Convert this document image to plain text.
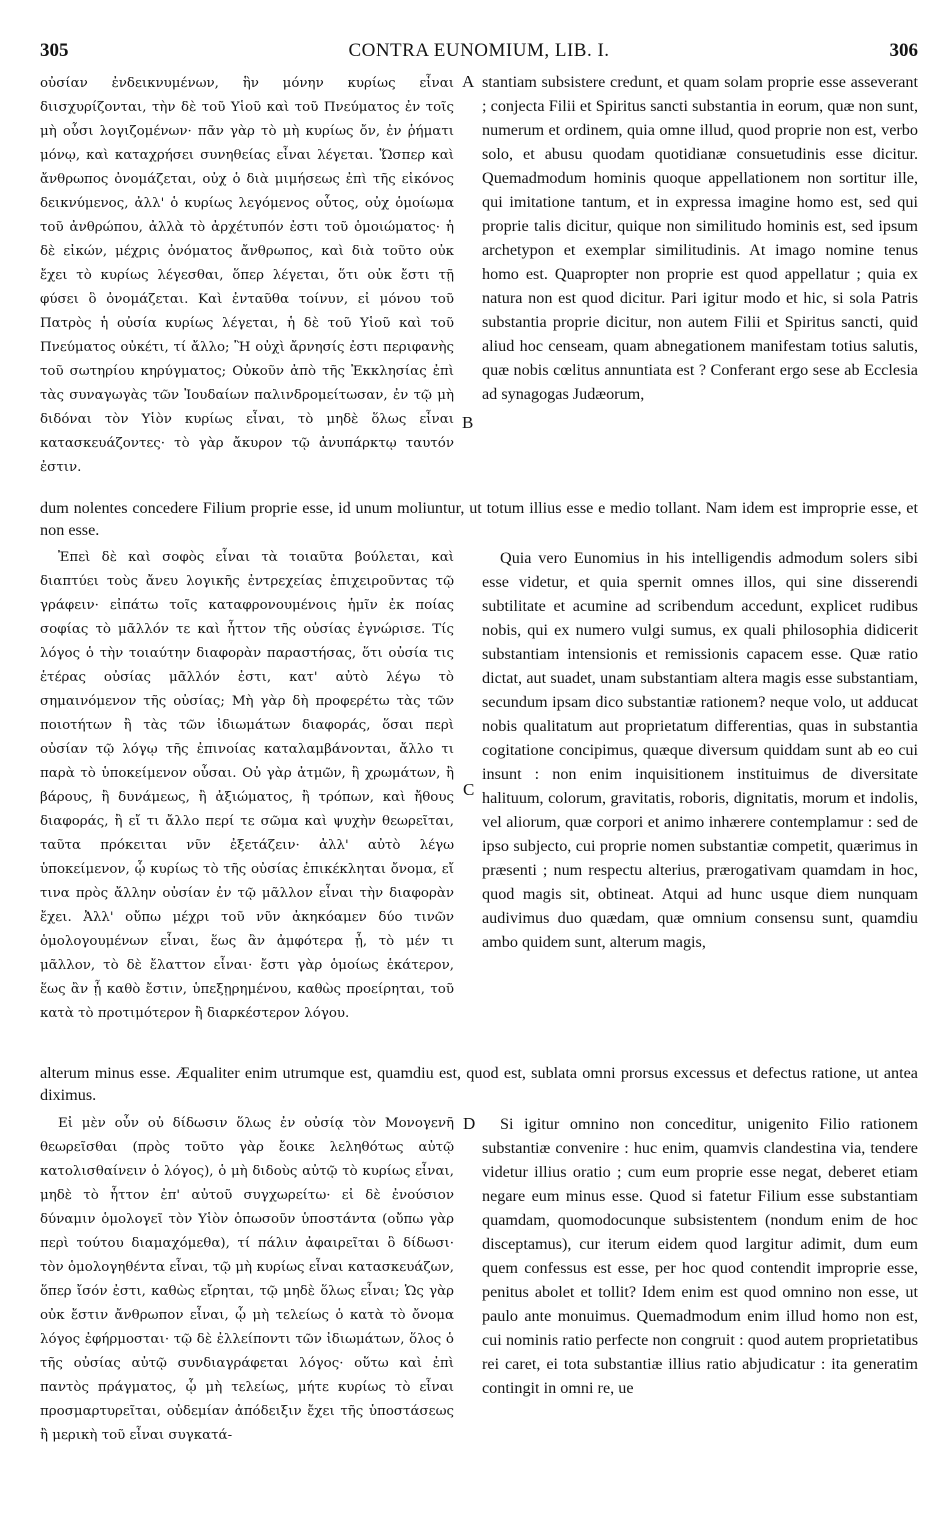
305	CONTRA EUNOMIUM, LIB. I.	306

οὐσίαν ἐνδεικνυμένων, ἣν μόνην κυρίως εἶναι διισχυρίζονται, τὴν δὲ τοῦ Υἱοῦ καὶ τοῦ Πνεύματος ἐν τοῖς μὴ οὖσι λογιζομένων· πᾶν γὰρ τὸ μὴ κυρίως ὄν, ἐν ῥήματι μόνῳ, καὶ καταχρήσει συνηθείας εἶναι λέγεται. Ὥσπερ καὶ ἄνθρωπος ὀνομάζεται, οὐχ ὁ διὰ μιμήσεως ἐπὶ τῆς εἰκόνος δεικνύμενος, ἀλλ' ὁ κυρίως λεγόμενος οὗτος, οὐχ ὁμοίωμα τοῦ ἀνθρώπου, ἀλλὰ τὸ ἀρχέτυπόν ἐστι τοῦ ὁμοιώματος· ἡ δὲ εἰκών, μέχρις ὀνόματος ἄνθρωπος, καὶ διὰ τοῦτο οὐκ ἔχει τὸ κυρίως λέγεσθαι, ὅπερ λέγεται, ὅτι οὐκ ἔστι τῇ φύσει ὃ ὀνομάζεται. Καὶ ἐνταῦθα τοίνυν, εἰ μόνου τοῦ Πατρὸς ἡ οὐσία κυρίως λέγεται, ἡ δὲ τοῦ Υἱοῦ καὶ τοῦ Πνεύματος οὐκέτι, τί ἄλλο; Ἢ οὐχὶ ἄρνησίς ἐστι περιφανὴς τοῦ σωτηρίου κηρύγματος; Οὐκοῦν ἀπὸ τῆς Ἐκκλησίας ἐπὶ τὰς συναγωγὰς τῶν Ἰουδαίων παλινδρομείτωσαν, ἐν τῷ μὴ διδόναι τὸν Υἱὸν κυρίως εἶναι, τὸ μηδὲ ὅλως εἶναι κατασκευάζοντες· τὸ γὰρ ἄκυρον τῷ ἀνυπάρκτῳ ταυτόν ἐστιν.

A
B

stantiam subsistere credunt, et quam solam proprie esse asseverant ; conjecta Filii et Spiritus sancti substantia in eorum, quæ non sunt, numerum et ordinem, quia omne illud, quod proprie non est, verbo solo, et abusu quodam quotidianæ consuetudinis esse dicitur. Quemadmodum hominis quoque appellationem non sortitur ille, qui imitatione tantum, et in expressa imagine homo est, sed qui proprie talis dicitur, quique non similitudo hominis est, sed ipsum archetypon et exemplar similitudinis. At imago nomine tenus homo est. Quapropter non proprie est quod appellatur ; quia ex natura non est quod dicitur. Pari igitur modo et hic, si sola Patris substantia proprie dicitur, non autem Filii et Spiritus sancti, quid aliud hoc censeam, quam abnegationem manifestam totius salutis, quæ nobis cœlitus annuntiata est ? Conferant ergo sese ab Ecclesia ad synagogas Judæorum,

dum nolentes concedere Filium proprie esse, id unum moliuntur, ut totum illius esse e medio tollant. Nam idem est improprie esse, et non esse.

Ἐπεὶ δὲ καὶ σοφὸς εἶναι τὰ τοιαῦτα βούλεται, καὶ διαπτύει τοὺς ἄνευ λογικῆς ἐντρεχείας ἐπιχειροῦντας τῷ γράφειν· εἰπάτω τοῖς καταφρονουμένοις ἡμῖν ἐκ ποίας σοφίας τὸ μᾶλλόν τε καὶ ἧττον τῆς οὐσίας ἐγνώρισε. Τίς λόγος ὁ τὴν τοιαύτην διαφορὰν παραστήσας, ὅτι οὐσία τις ἑτέρας οὐσίας μᾶλλόν ἐστι, κατ' αὐτὸ λέγω τὸ σημαινόμενον τῆς οὐσίας; Μὴ γὰρ δὴ προφερέτω τὰς τῶν ποιοτήτων ἢ τὰς τῶν ἰδιωμάτων διαφοράς, ὅσαι περὶ οὐσίαν τῷ λόγῳ τῆς ἐπινοίας καταλαμβάνονται, ἄλλο τι παρὰ τὸ ὑποκείμενον οὖσαι. Οὐ γὰρ ἀτμῶν, ἢ χρωμάτων, ἢ βάρους, ἢ δυνάμεως, ἢ ἀξιώματος, ἢ τρόπων, καὶ ἤθους διαφοράς, ἢ εἴ τι ἄλλο περί τε σῶμα καὶ ψυχὴν θεωρεῖται, ταῦτα πρόκειται νῦν ἐξετάζειν· ἀλλ' αὐτὸ λέγω ὑποκείμενον, ᾧ κυρίως τὸ τῆς οὐσίας ἐπικέκληται ὄνομα, εἴ τινα πρὸς ἄλλην οὐσίαν ἐν τῷ μᾶλλον εἶναι τὴν διαφορὰν ἔχει. Ἀλλ' οὔπω μέχρι τοῦ νῦν ἀκηκόαμεν δύο τινῶν ὁμολογουμένων εἶναι, ἕως ἂν ἀμφότερα ᾖ, τὸ μέν τι μᾶλλον, τὸ δὲ ἔλαττον εἶναι· ἔστι γὰρ ὁμοίως ἑκάτερον, ἕως ἂν ᾖ καθὸ ἔστιν, ὑπεξῃρημένου, καθὼς προείρηται, τοῦ κατὰ τὸ προτιμότερον ἢ διαρκέστερον λόγου.

C

Quia vero Eunomius in his intelligendis admodum solers sibi esse videtur, et quia spernit omnes illos, qui sine disserendi subtilitate et acumine ad scribendum accedunt, explicet rudibus nobis, qui ex numero vulgi sumus, ex quali philosophia didicerit substantiam intensionis et remissionis capacem esse. Quæ ratio dictat, aut suadet, unam substantiam altera magis esse substantiam, secundum ipsam dico substantiæ rationem? neque volo, ut adducat nobis qualitatum aut proprietatum differentias, quas in substantia cogitatione concipimus, quæque diversum quiddam sunt ab eo cui insunt : non enim inquisitionem instituimus de diversitate halituum, colorum, gravitatis, roboris, dignitatis, morum et indolis, vel aliorum, quæ corpori et animo inhærere contemplamur : sed de ipso subjecto, cui proprie nomen substantiæ competit, quærimus in præsenti ; num respectu alterius, prærogativam quamdam in hoc, quod magis sit, obtineat. Atqui ad hunc usque diem nunquam audivimus duo quædam, quæ omnium consensu sunt, quamdiu ambo quidem sunt, alterum magis,

alterum minus esse. Æqualiter enim utrumque est, quamdiu est, quod est, sublata omni prorsus excessus et defectus ratione, ut antea diximus.

Εἰ μὲν οὖν οὐ δίδωσιν ὅλως ἐν οὐσίᾳ τὸν Μονογενῆ θεωρεῖσθαι (πρὸς τοῦτο γὰρ ἔοικε λεληθότως αὐτῷ κατολισθαίνειν ὁ λόγος), ὁ μὴ διδοὺς αὐτῷ τὸ κυρίως εἶναι, μηδὲ τὸ ἧττον ἐπ' αὐτοῦ συγχωρείτω· εἰ δὲ ἐνούσιον δύναμιν ὁμολογεῖ τὸν Υἱὸν ὁπωσοῦν ὑποστάντα (οὔπω γὰρ περὶ τούτου διαμαχόμεθα), τί πάλιν ἀφαιρεῖται ὃ δίδωσι· τὸν ὁμολογηθέντα εἶναι, τῷ μὴ κυρίως εἶναι κατασκευάζων, ὅπερ ἴσόν ἐστι, καθὼς εἴρηται, τῷ μηδὲ ὅλως εἶναι; Ὡς γὰρ οὐκ ἔστιν ἄνθρωπον εἶναι, ᾧ μὴ τελείως ὁ κατὰ τὸ ὄνομα λόγος ἐφήρμοσται· τῷ δὲ ἐλλείποντι τῶν ἰδιωμάτων, ὅλος ὁ τῆς οὐσίας αὐτῷ συνδιαγράφεται λόγος· οὕτω καὶ ἐπὶ παντὸς πράγματος, ᾧ μὴ τελείως, μήτε κυρίως τὸ εἶναι προσμαρτυρεῖται, οὐδεμίαν ἀπόδειξιν ἔχει τῆς ὑποστάσεως ἢ μερικὴ τοῦ εἶναι συγκατά-

D	Si igitur omnino non conceditur, unigenito Filio rationem substantiæ convenire : huc enim, quamvis clandestina via, tendere videtur illius oratio ; cum eum proprie esse negat, deberet etiam negare eum minus esse. Quod si fatetur Filium esse substantiam quamdam, quomodocunque subsistentem (nondum enim de hoc disceptamus), cur iterum eidem quod largitur adimit, dum eum quem confessus est esse, per hoc quod contendit improprie esse, penitus abolet et tollit? Idem enim est quod omnino non esse, ut paulo ante monuimus. Quemadmodum enim illud homo non est, cui nominis ratio perfecte non congruit : quod autem proprietatibus rei caret, ei tota substantiæ illius ratio abjudicatur : ita generatim contingit in omni re, ue
